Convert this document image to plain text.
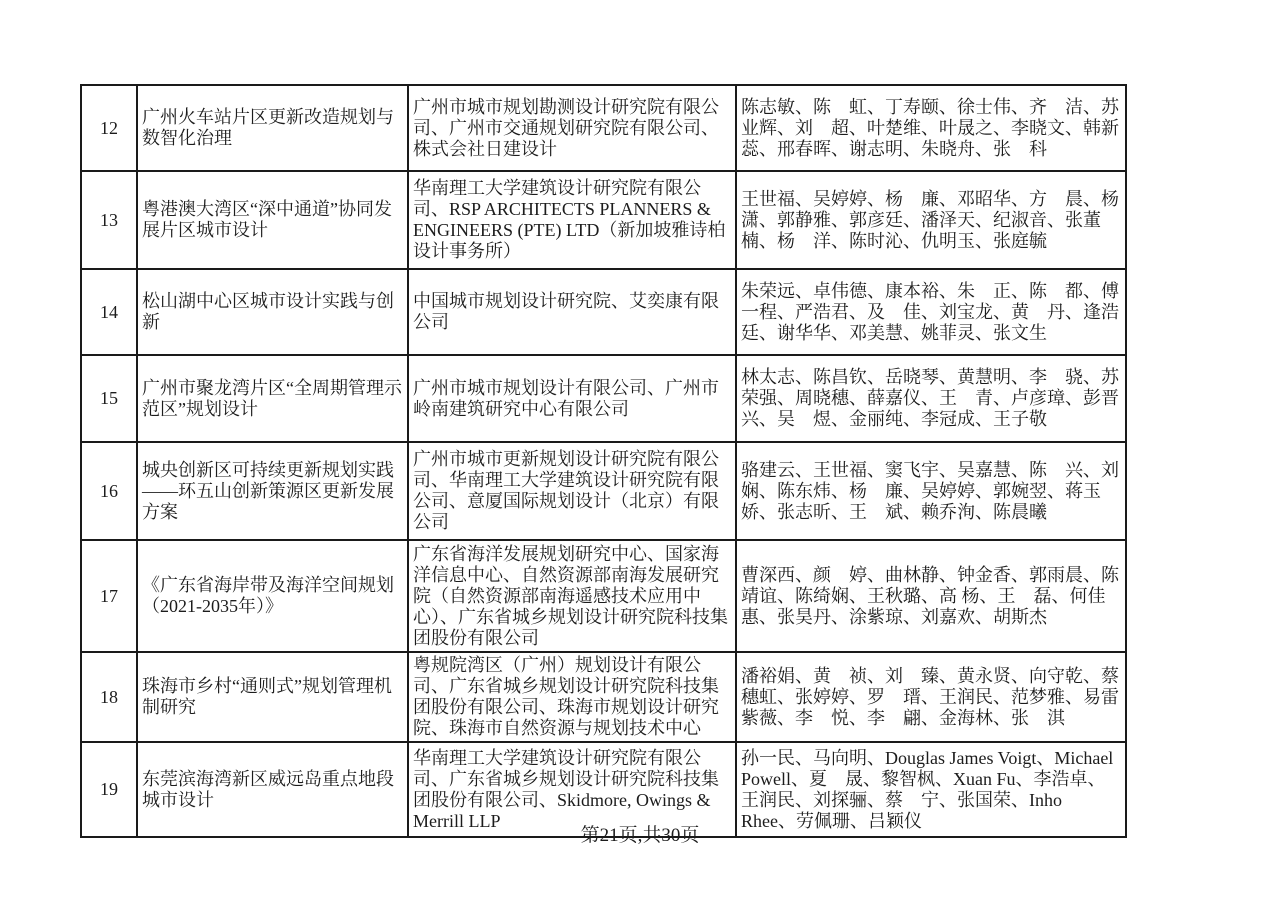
12	广州火车站片区更新改造规划与数智化治理	广州市城市规划勘测设计研究院有限公司、广州市交通规划研究院有限公司、株式会社日建设计	陈志敏、陈　虹、丁寿颐、徐士伟、齐　洁、苏业辉、刘　超、叶楚维、叶晟之、李晓文、韩新蕊、邢春晖、谢志明、朱晓舟、张　科
13	粤港澳大湾区“深中通道”协同发展片区城市设计	华南理工大学建筑设计研究院有限公司、RSP ARCHITECTS PLANNERS & ENGINEERS (PTE) LTD（新加坡雅诗柏设计事务所）	王世福、吴婷婷、杨　廉、邓昭华、方　晨、杨潇、郭静雅、郭彦廷、潘泽天、纪淑音、张董楠、杨　洋、陈时沁、仇明玉、张庭毓
14	松山湖中心区城市设计实践与创新	中国城市规划设计研究院、艾奕康有限公司	朱荣远、卓伟德、康本裕、朱　正、陈　都、傅一程、严浩君、及　佳、刘宝龙、黄　丹、逢浩廷、谢华华、邓美慧、姚菲灵、张文生
15	广州市聚龙湾片区“全周期管理示范区”规划设计	广州市城市规划设计有限公司、广州市岭南建筑研究中心有限公司	林太志、陈昌钦、岳晓琴、黄慧明、李　骁、苏荣强、周晓穗、薛嘉仪、王　青、卢彦璋、彭晋兴、吴　煜、金丽纯、李冠成、王子敬
16	城央创新区可持续更新规划实践——环五山创新策源区更新发展方案	广州市城市更新规划设计研究院有限公司、华南理工大学建筑设计研究院有限公司、意厦国际规划设计（北京）有限公司	骆建云、王世福、窦飞宇、吴嘉慧、陈　兴、刘娴、陈东炜、杨　廉、吴婷婷、郭婉翌、蒋玉娇、张志昕、王　斌、赖乔洵、陈晨曦
17	《广东省海岸带及海洋空间规划（2021-2035年）》	广东省海洋发展规划研究中心、国家海洋信息中心、自然资源部南海发展研究院（自然资源部南海遥感技术应用中心）、广东省城乡规划设计研究院科技集团股份有限公司	曹深西、颜　婷、曲林静、钟金香、郭雨晨、陈靖谊、陈绮娴、王秋璐、高 杨、王　磊、何佳惠、张昊丹、涂紫琼、刘嘉欢、胡斯杰
18	珠海市乡村“通则式”规划管理机制研究	粤规院湾区（广州）规划设计有限公司、广东省城乡规划设计研究院科技集团股份有限公司、珠海市规划设计研究院、珠海市自然资源与规划技术中心	潘裕娟、黄　祯、刘　臻、黄永贤、向守乾、蔡穗虹、张婷婷、罗　瑨、王润民、范梦雅、易雷紫薇、李　悦、李　翩、金海林、张　淇
19	东莞滨海湾新区威远岛重点地段城市设计	华南理工大学建筑设计研究院有限公司、广东省城乡规划设计研究院科技集团股份有限公司、Skidmore, Owings & Merrill LLP	孙一民、马向明、Douglas James Voigt、Michael Powell、夏　晟、黎智枫、Xuan Fu、李浩卓、王润民、刘探骊、蔡　宁、张国荣、Inho Rhee、劳佩珊、吕颖仪
第21页,共30页
